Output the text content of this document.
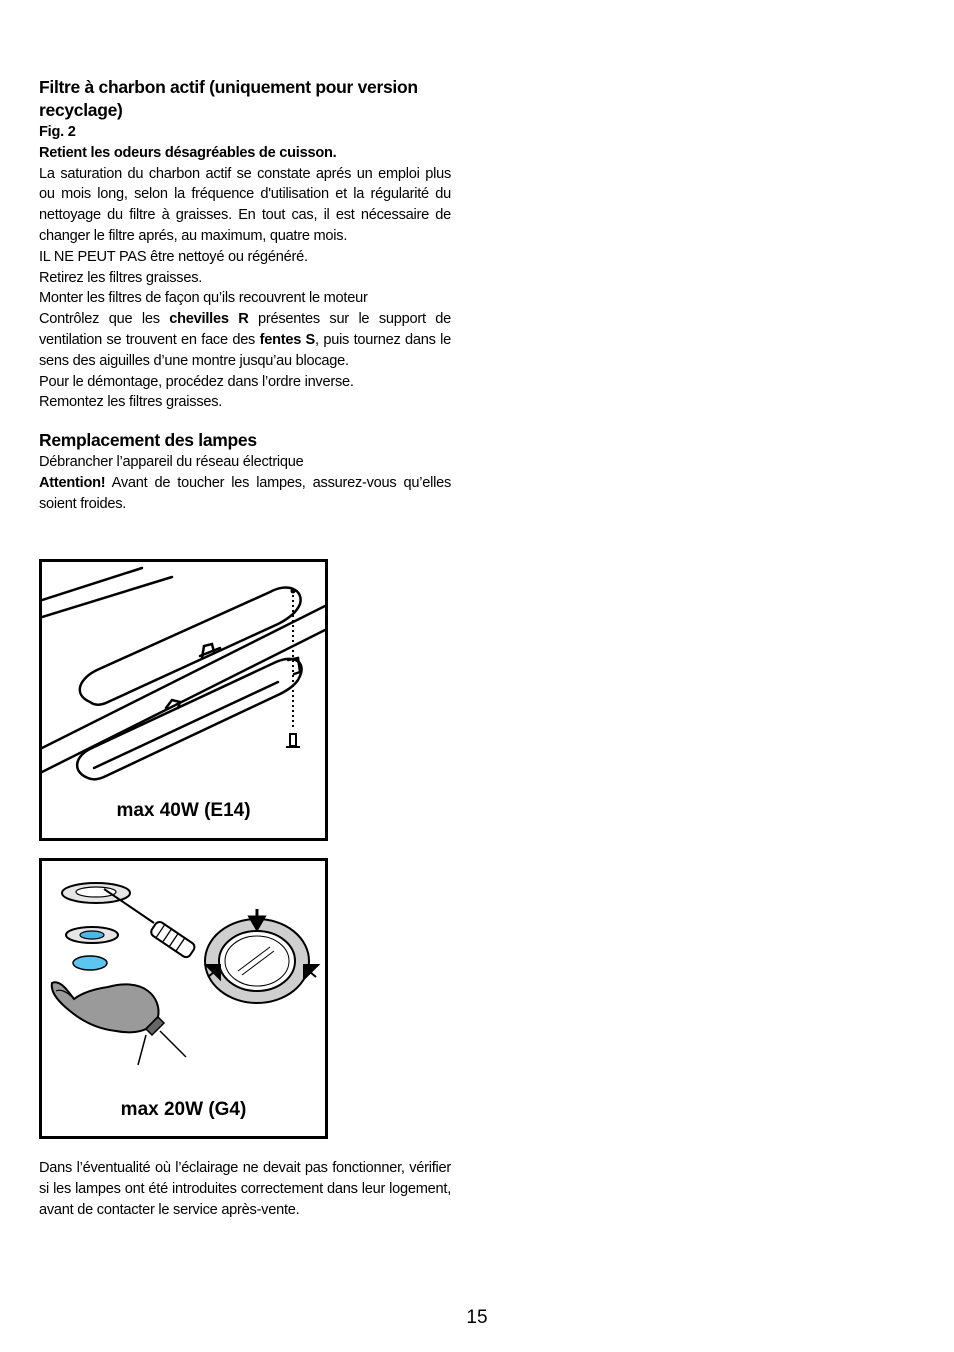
Filtre à charbon actif (uniquement pour version recyclage)

Fig. 2

Retient les odeurs désagréables de cuisson.

La saturation du charbon actif se constate aprés un emploi plus ou mois long, selon la fréquence d'utilisation et la régularité du nettoyage du filtre à graisses. En tout cas, il est nécessaire de changer le filtre aprés, au maximum, quatre mois.

IL NE PEUT PAS être nettoyé ou régénéré.

Retirez les filtres graisses.

Monter les filtres de façon qu’ils recouvrent le moteur

Contrôlez que les chevilles R présentes sur le support de ventilation se trouvent en face des fentes S, puis tournez dans le sens des aiguilles d’une montre jusqu’au blocage.

Pour le démontage, procédez dans l’ordre inverse.

Remontez les filtres graisses.

Remplacement des lampes

Débrancher l’appareil du réseau électrique

Attention! Avant de toucher les lampes, assurez-vous qu’elles soient froides.

max 40W (E14)
max 20W (G4)
Dans l’éventualité où l’éclairage ne devait pas fonctionner, vérifier si les lampes ont été introduites correctement dans leur logement, avant de contacter le service après-vente.
15
